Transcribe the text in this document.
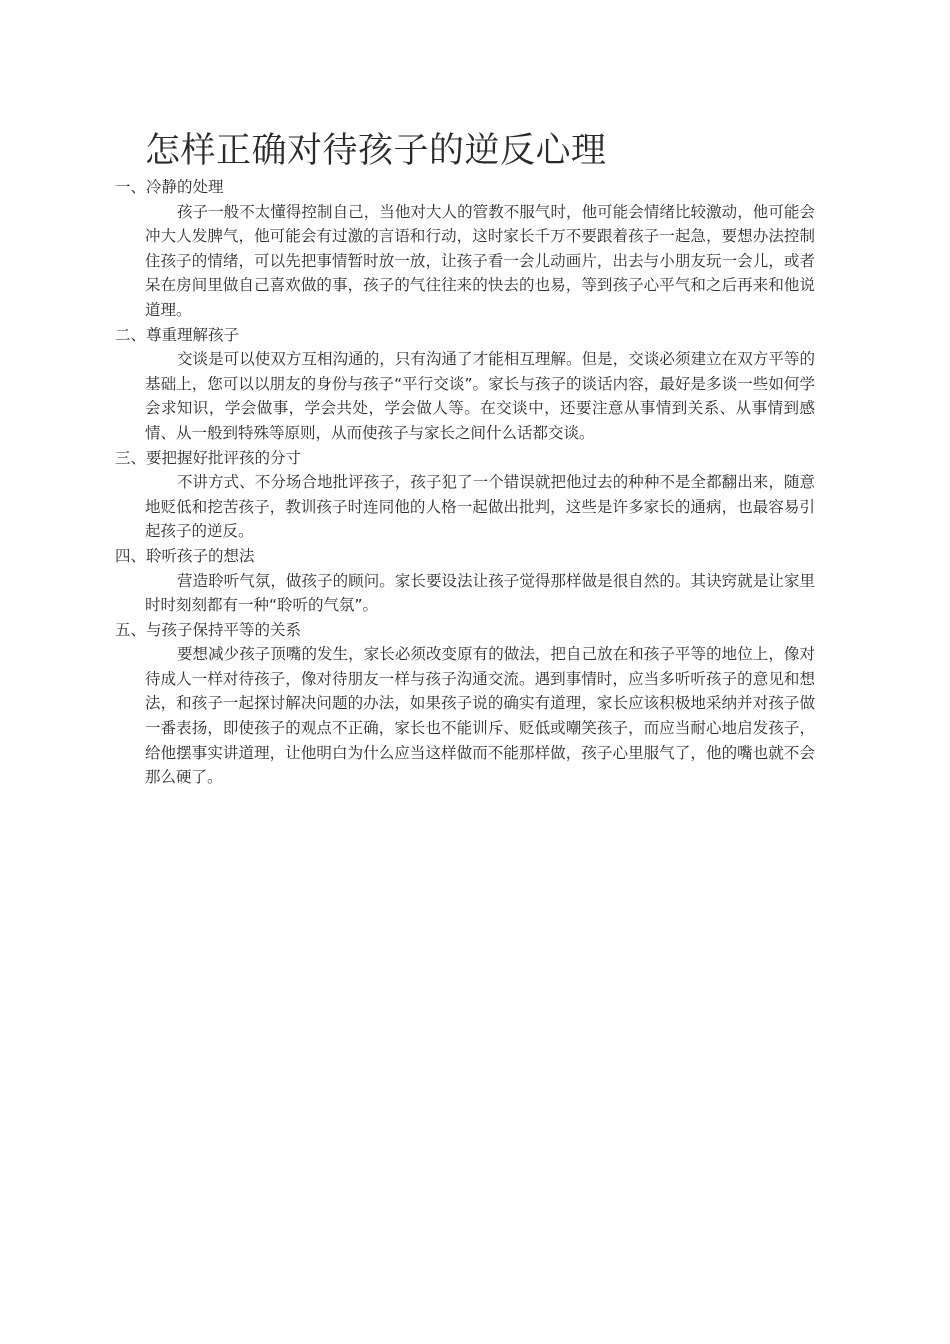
怎样正确对待孩子的逆反心理

一、冷静的处理

孩子一般不太懂得控制自己，当他对大人的管教不服气时，他可能会情绪比较激动，他可能会冲大人发脾气，他可能会有过激的言语和行动，这时家长千万不要跟着孩子一起急，要想办法控制住孩子的情绪，可以先把事情暂时放一放，让孩子看一会儿动画片，出去与小朋友玩一会儿，或者呆在房间里做自己喜欢做的事，孩子的气往往来的快去的也易，等到孩子心平气和之后再来和他说道理。

二、尊重理解孩子

交谈是可以使双方互相沟通的，只有沟通了才能相互理解。但是，交谈必须建立在双方平等的基础上，您可以以朋友的身份与孩子“平行交谈”。家长与孩子的谈话内容，最好是多谈一些如何学会求知识，学会做事，学会共处，学会做人等。在交谈中，还要注意从事情到关系、从事情到感情、从一般到特殊等原则，从而使孩子与家长之间什么话都交谈。

三、要把握好批评孩的分寸

不讲方式、不分场合地批评孩子，孩子犯了一个错误就把他过去的种种不是全都翻出来，随意地贬低和挖苦孩子，教训孩子时连同他的人格一起做出批判，这些是许多家长的通病，也最容易引起孩子的逆反。

四、聆听孩子的想法

营造聆听气氛，做孩子的顾问。家长要设法让孩子觉得那样做是很自然的。其诀窍就是让家里时时刻刻都有一种“聆听的气氛”。

五、与孩子保持平等的关系

要想减少孩子顶嘴的发生，家长必须改变原有的做法，把自己放在和孩子平等的地位上，像对待成人一样对待孩子，像对待朋友一样与孩子沟通交流。遇到事情时，应当多听听孩子的意见和想法，和孩子一起探讨解决问题的办法，如果孩子说的确实有道理，家长应该积极地采纳并对孩子做一番表扬，即使孩子的观点不正确，家长也不能训斥、贬低或嘲笑孩子，而应当耐心地启发孩子，给他摆事实讲道理，让他明白为什么应当这样做而不能那样做，孩子心里服气了，他的嘴也就不会那么硬了。
